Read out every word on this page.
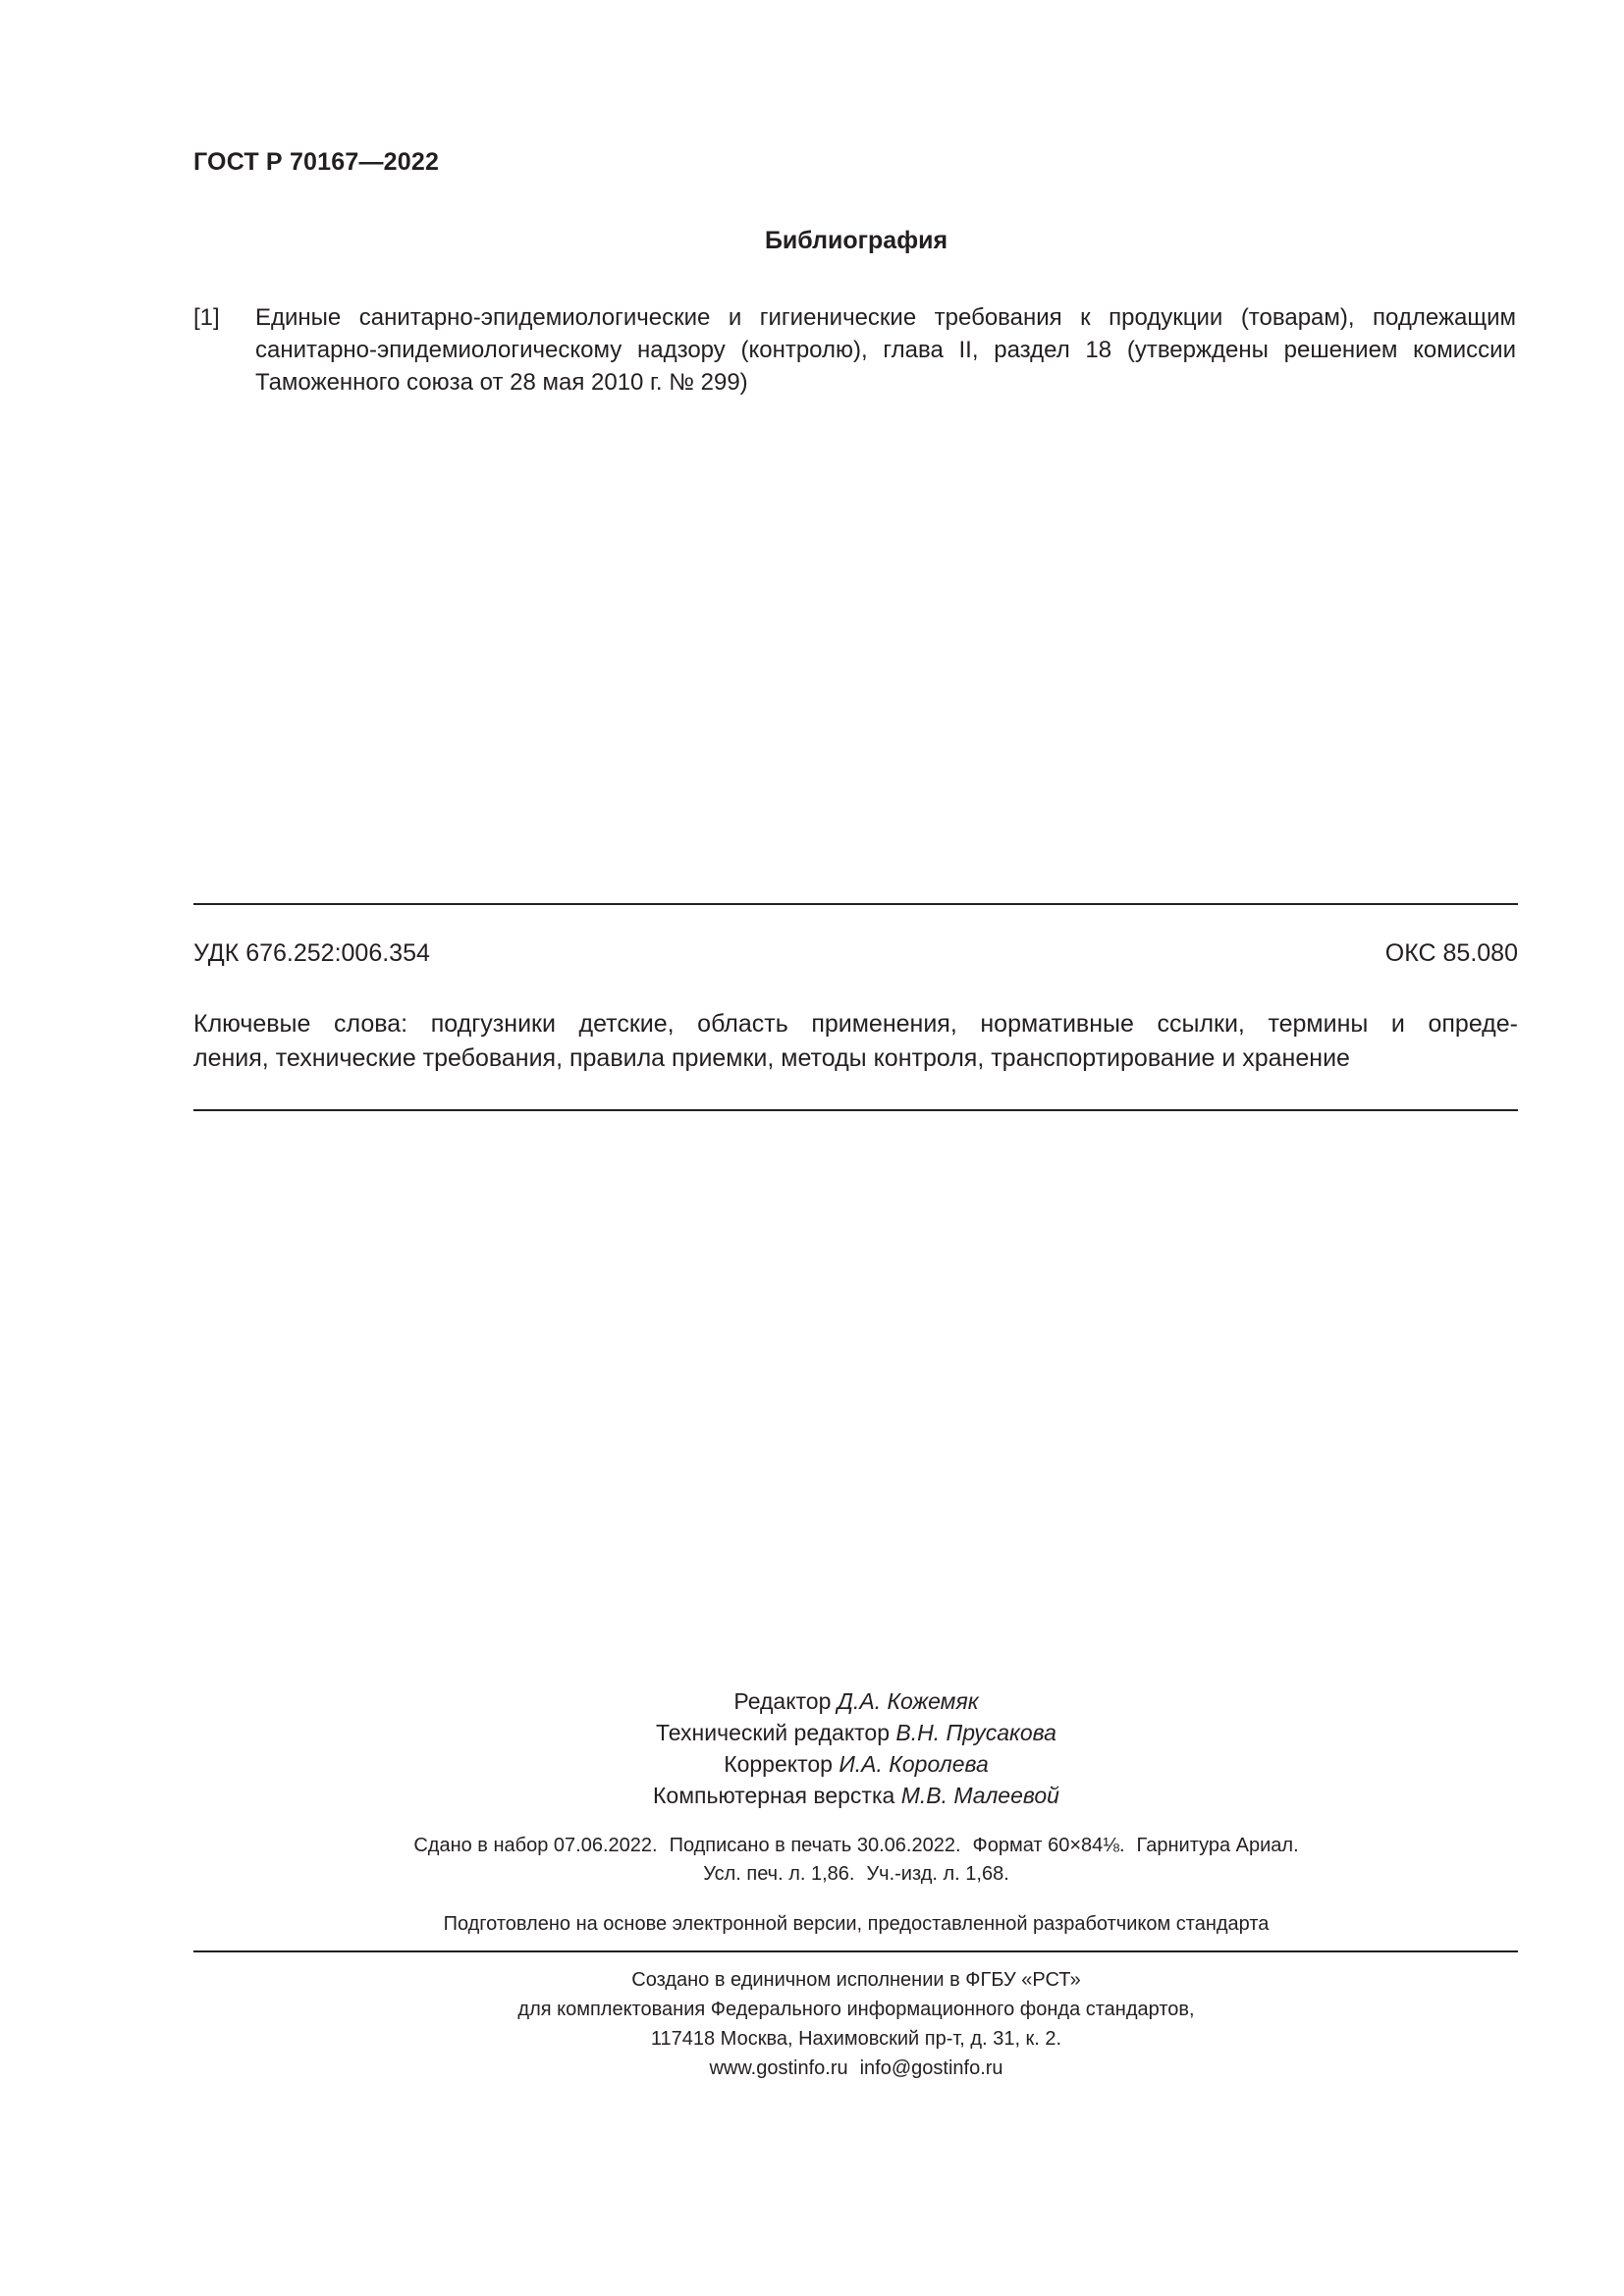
ГОСТ Р 70167—2022
Библиография
[1] Единые санитарно-эпидемиологические и гигиенические требования к продукции (товарам), подлежащим санитарно-эпидемиологическому надзору (контролю), глава II, раздел 18 (утверждены решением комиссии Таможенного союза от 28 мая 2010 г. № 299)
УДК 676.252:006.354	ОКС 85.080
Ключевые слова: подгузники детские, область применения, нормативные ссылки, термины и опреде-
ления, технические требования, правила приемки, методы контроля, транспортирование и хранение
Редактор Д.А. Кожемяк
Технический редактор В.Н. Прусакова
Корректор И.А. Королева
Компьютерная верстка М.В. Малеевой
Сдано в набор 07.06.2022. Подписано в печать 30.06.2022. Формат 60×84⅛. Гарнитура Ариал.
Усл. печ. л. 1,86. Уч.-изд. л. 1,68.
Подготовлено на основе электронной версии, предоставленной разработчиком стандарта
Создано в единичном исполнении в ФГБУ «РСТ»
для комплектования Федерального информационного фонда стандартов,
117418 Москва, Нахимовский пр-т, д. 31, к. 2.
www.gostinfo.ru info@gostinfo.ru
